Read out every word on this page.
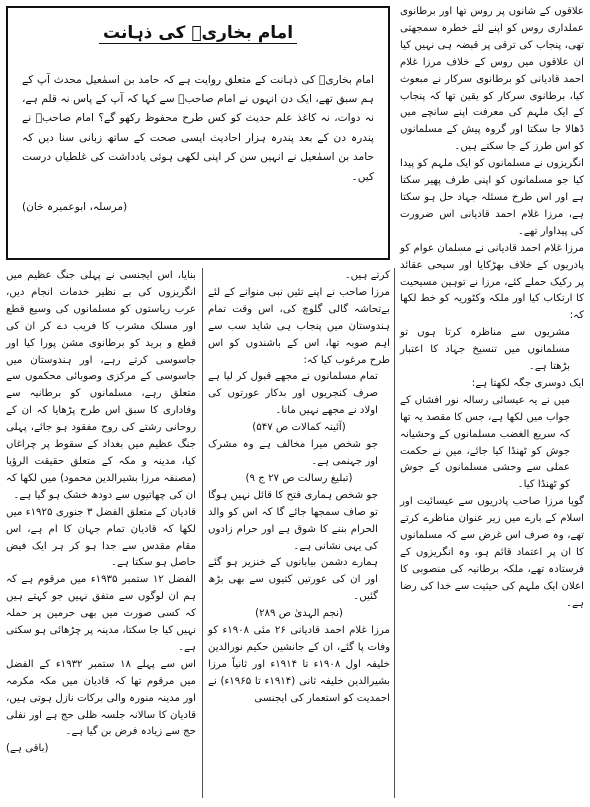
امام بخاریؒ کی ذہانت

امام بخاریؒ کی ذہانت کے متعلق روایت ہے کہ حامد بن اسمٰعیل محدث آپ کے ہم سبق تھے، ایک دن انہوں نے امام صاحبؒ سے کہا کہ آپ کے پاس نہ قلم ہے، نہ دوات، نہ کاغذ علم حدیث کو کس طرح محفوظ رکھو گے؟ امام صاحبؒ نے پندرہ دن کے بعد پندرہ ہزار احادیث ایسی صحت کے ساتھ زبانی سنا دیں کہ حامد بن اسمٰعیل نے انہیں سن کر اپنی لکھی ہوئی یادداشت کی غلطیاں درست کیں۔

(مرسلہ، ابوعمیرہ خان)

علاقوں کے شانوں پر روس تھا اور برطانوی عملداری روس کو اپنے لئے خطرہ سمجھتی تھی، پنجاب کی ترقی پر قبضہ ہی نہیں کیا ان علاقوں میں روس کے خلاف مرزا غلام احمد قادیانی کو برطانوی سرکار نے مبعوث کیا، برطانوی سرکار کو یقین تھا کہ پنجاب کے ایک ملہم کی معرفت اپنے سانچے میں ڈھالا جا سکتا اور گروہ پیش کے مسلمانوں کو اس طرز کے جا سکتے ہیں۔

انگریزوں نے مسلمانوں کو ایک ملہم کو پیدا کیا جو مسلمانوں کو اپنی طرف پھیر سکتا ہے اور اس طرح مسئلہ جہاد حل ہو سکتا ہے، مرزا غلام احمد قادیانی اس ضرورت کی پیداوار تھے۔

مرزا غلام احمد قادیانی نے مسلمان عوام کو پادریوں کے خلاف بھڑکایا اور سیحی عقائد پر رکیک حملے کئے، مرزا نے توہین مسیحیت کا ارتکاب کیا اور ملکہ وکٹوریہ کو خط لکھا کہ:

مشریوں سے مناظرہ کرتا ہوں تو مسلمانوں میں تنسیخ جہاد کا اعتبار بڑھتا ہے۔

ایک دوسری جگہ لکھتا ہے:

میں نے یہ عیسائی رسالہ نور افشاں کے جواب میں لکھا ہے، جس کا مقصد یہ تھا کہ سریع الغضب مسلمانوں کے وحشیانہ جوش کو ٹھنڈا کیا جائے، میں نے حکمت عملی سے وحشی مسلمانوں کے جوش کو ٹھنڈا کیا۔

گویا مرزا صاحب پادریوں سے عیسائیت اور اسلام کے بارے میں زیر عنوان مناظرے کرتے تھے، وہ صرف اس غرض سے کہ مسلمانوں کا ان پر اعتماد قائم ہو، وہ انگریزوں کے فرستادہ تھے، ملکہ برطانیہ کی منصوبی کا اعلان ایک ملہم کی حیثیت سے خدا کی رضا ہے۔

کرتے ہیں۔

مرزا صاحب نے اپنے تئیں نبی منوانے کے لئے بےتحاشہ گالی گلوچ کی، اس وقت تمام ہندوستان میں پنجاب ہی شاید سب سے اہم صوبہ تھا، اس کے باشندوں کو اس طرح مرغوب کیا کہ:

تمام مسلمانوں نے مجھے قبول کر لیا ہے صرف کنجریوں اور بدکار عورتوں کی اولاد نے مجھے نہیں مانا۔

(آئینہ کمالات ص ۵۴۷)

جو شخص میرا مخالف ہے وہ مشرک اور جہنمی ہے۔

(تبلیغ رسالت ص ۲۷ ج ۹)

جو شخص ہماری فتح کا قائل نہیں ہوگا تو صاف سمجھا جائے گا کہ اس کو والد الحرام بننے کا شوق ہے اور حرام زادوں کی یہی نشانی ہے۔

ہمارے دشمن بیابانوں کے خنزیر ہو گئے اور ان کی عورتیں کتیوں سے بھی بڑھ گئیں۔

(نجم الہدیٰ ص ۲۸۹)

مرزا غلام احمد قادیانی ۲۶ مئی ۱۹۰۸ء کو وفات پا گئے، ان کے جانشین حکیم نورالدین خلیفہ اول ۱۹۰۸ء تا ۱۹۱۴ء اور ثانیاً مرزا بشیرالدین خلیفہ ثانی (۱۹۱۴ء تا ۱۹۶۵ء) نے احمدیت کو استعمار کی ایجنسی

بنایا، اس ایجنسی نے پہلی جنگ عظیم میں انگریزوں کی بے نظیر خدمات انجام دیں، عرب ریاستوں کو مسلمانوں کی وسیع قطع اور مسلک مشرب کا فریب دے کر ان کی قطع و برید کو برطانوی مشن پورا کیا اور جاسوسی کرتے رہے، اور ہندوستان میں جاسوسی کے مرکزی وصوبائی محکموں سے متعلق رہے، مسلمانوں کو برطانیہ سے وفاداری کا سبق اس طرح پڑھایا کہ ان کے روحانی رشتے کی روح مفقود ہو جائے، پہلی جنگ عظیم میں بغداد کے سقوط پر چراغاں کیا، مدینہ و مکہ کے متعلق حقیقت الرؤیا (مصنفہ مرزا بشیرالدین محمود) میں لکھا کہ ان کی چھاتیوں سے دودھ خشک ہو گیا ہے۔

قادیان کے متعلق الفضل ۳ جنوری ۱۹۲۵ء میں لکھا کہ قادیان تمام جہان کا ام ہے، اس مقام مقدس سے جدا ہو کر ہر ایک فیض حاصل ہو سکتا ہے۔

الفضل ۱۲ ستمبر ۱۹۳۵ء میں مرقوم ہے کہ ہم ان لوگوں سے متفق نہیں جو کہتے ہیں کہ کسی صورت میں بھی حرمین پر حملہ نہیں کیا جا سکتا، مدینہ پر چڑھائی ہو سکتی ہے۔

اس سے پہلے ۱۸ ستمبر ۱۹۳۲ء کے الفضل میں مرقوم تھا کہ قادیان میں مکہ مکرمہ اور مدینہ منورہ والی برکات نازل ہوتی ہیں، قادیان کا سالانہ جلسہ ظلی حج ہے اور نفلی حج سے زیادہ فرض بن گیا ہے۔

(باقی ہے)
